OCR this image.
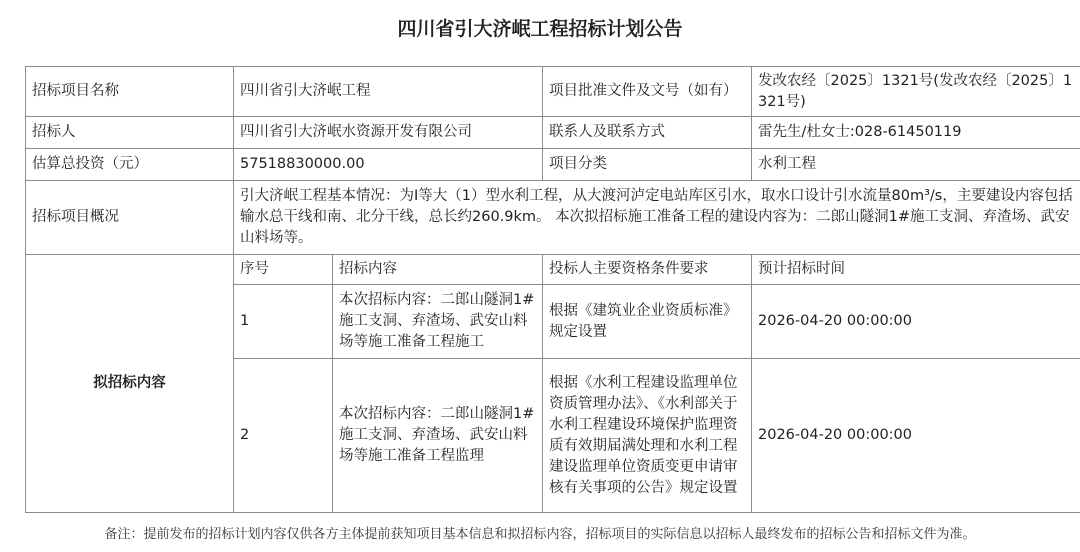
四川省引大济岷工程招标计划公告
招标项目名称	四川省引大济岷工程		项目批准文件及文号（如有）	发改农经〔2025〕1321号(发改农经〔2025〕1321号)
招标人	四川省引大济岷水资源开发有限公司		联系人及联系方式	雷先生/杜女士:028-61450119
估算总投资（元）	57518830000.00		项目分类	水利工程
招标项目概况	引大济岷工程基本情况：为Ⅰ等大（1）型水利工程，从大渡河泸定电站库区引水，取水口设计引水流量80m³/s，主要建设内容包括输水总干线和南、北分干线，总长约260.9km。 本次拟招标施工准备工程的建设内容为：二郎山隧洞1#施工支洞、弃渣场、武安山料场等。			
拟招标内容	序号	招标内容	投标人主要资格条件要求	预计招标时间
	1	本次招标内容：二郎山隧洞1#施工支洞、弃渣场、武安山料场等施工准备工程施工	根据《建筑业企业资质标准》规定设置	2026-04-20 00:00:00
	2	本次招标内容：二郎山隧洞1#施工支洞、弃渣场、武安山料场等施工准备工程监理	根据《水利工程建设监理单位资质管理办法》、《水利部关于水利工程建设环境保护监理资质有效期届满处理和水利工程建设监理单位资质变更申请审核有关事项的公告》规定设置	2026-04-20 00:00:00
备注：提前发布的招标计划内容仅供各方主体提前获知项目基本信息和拟招标内容，招标项目的实际信息以招标人最终发布的招标公告和招标文件为准。
